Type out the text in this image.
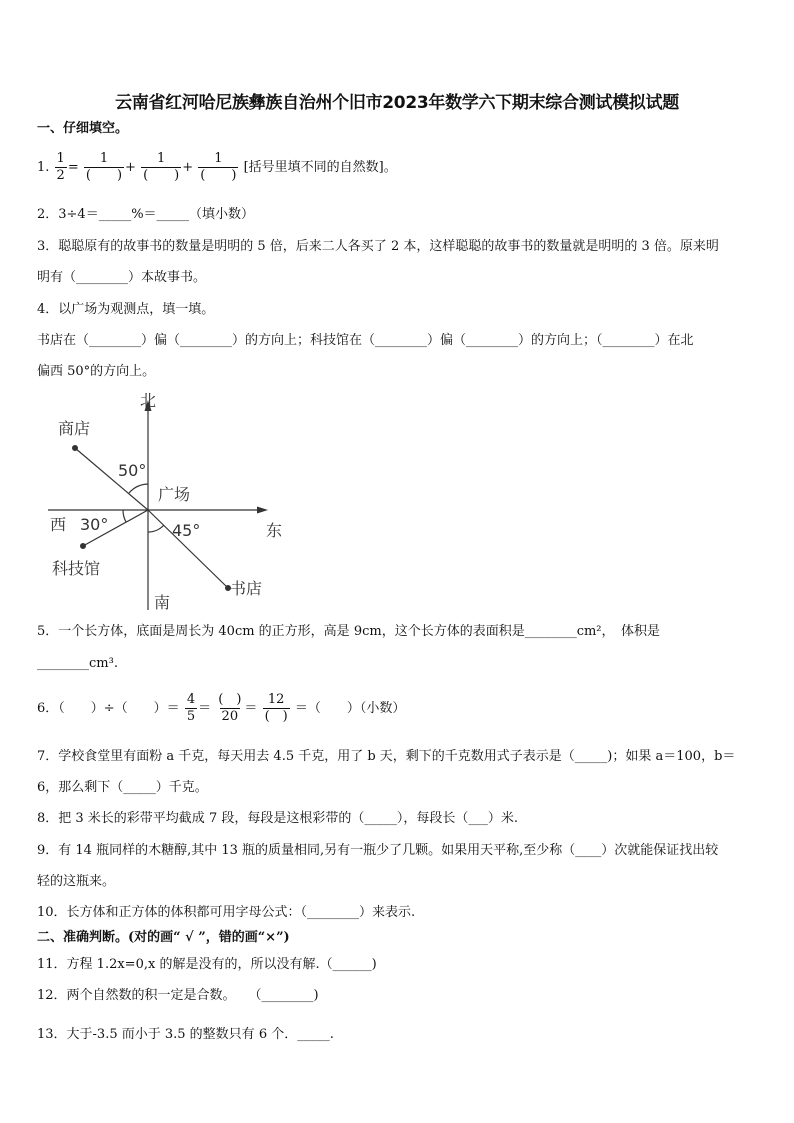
云南省红河哈尼族彝族自治州个旧市2023年数学六下期末综合测试模拟试题
一、仔细填空。
1. $\frac{1}{2} = \frac{1}{( )} + \frac{1}{( )} + \frac{1}{( )}$ [括号里填不同的自然数]。
2．3÷4＝_____%＝_____（填小数）
3．聪聪原有的故事书的数量是明明的 5 倍，后来二人各买了 2 本，这样聪聪的故事书的数量就是明明的 3 倍。原来明
明有（________）本故事书。
4．以广场为观测点，填一填。
书店在（________）偏（________）的方向上；科技馆在（________）偏（________）的方向上；（________）在北
偏西 50°的方向上。
北
南
东
西
广场
商店
科技馆
书店
50°
30°	45°
5．一个长方体，底面是周长为 40cm 的正方形，高是 9cm，这个长方体的表面积是________cm²，　体积是
________cm³.
6．（　　）÷（　　）＝ $\frac{4}{5} = \frac{( )}{20} = \frac{12}{( )}$ ＝（　　）（小数）
7．学校食堂里有面粉 a 千克，每天用去 4.5 千克，用了 b 天，剩下的千克数用式子表示是（_____)；如果 a＝100，b＝
6，那么剩下（_____）千克。
8．把 3 米长的彩带平均截成 7 段，每段是这根彩带的（_____），每段长（___）米.
9．有 14 瓶同样的木糖醇,其中 13 瓶的质量相同,另有一瓶少了几颗。如果用天平称,至少称（____）次就能保证找出较
轻的这瓶来。
10．长方体和正方体的体积都可用字母公式：（________）来表示.
二、准确判断。(对的画“ √ ”，错的画“×”)
11．方程 1.2x=0,x 的解是没有的，所以没有解.（______)
12．两个自然数的积一定是合数。　　（________)
13．大于-3.5 而小于 3.5 的整数只有 6 个．_____.
